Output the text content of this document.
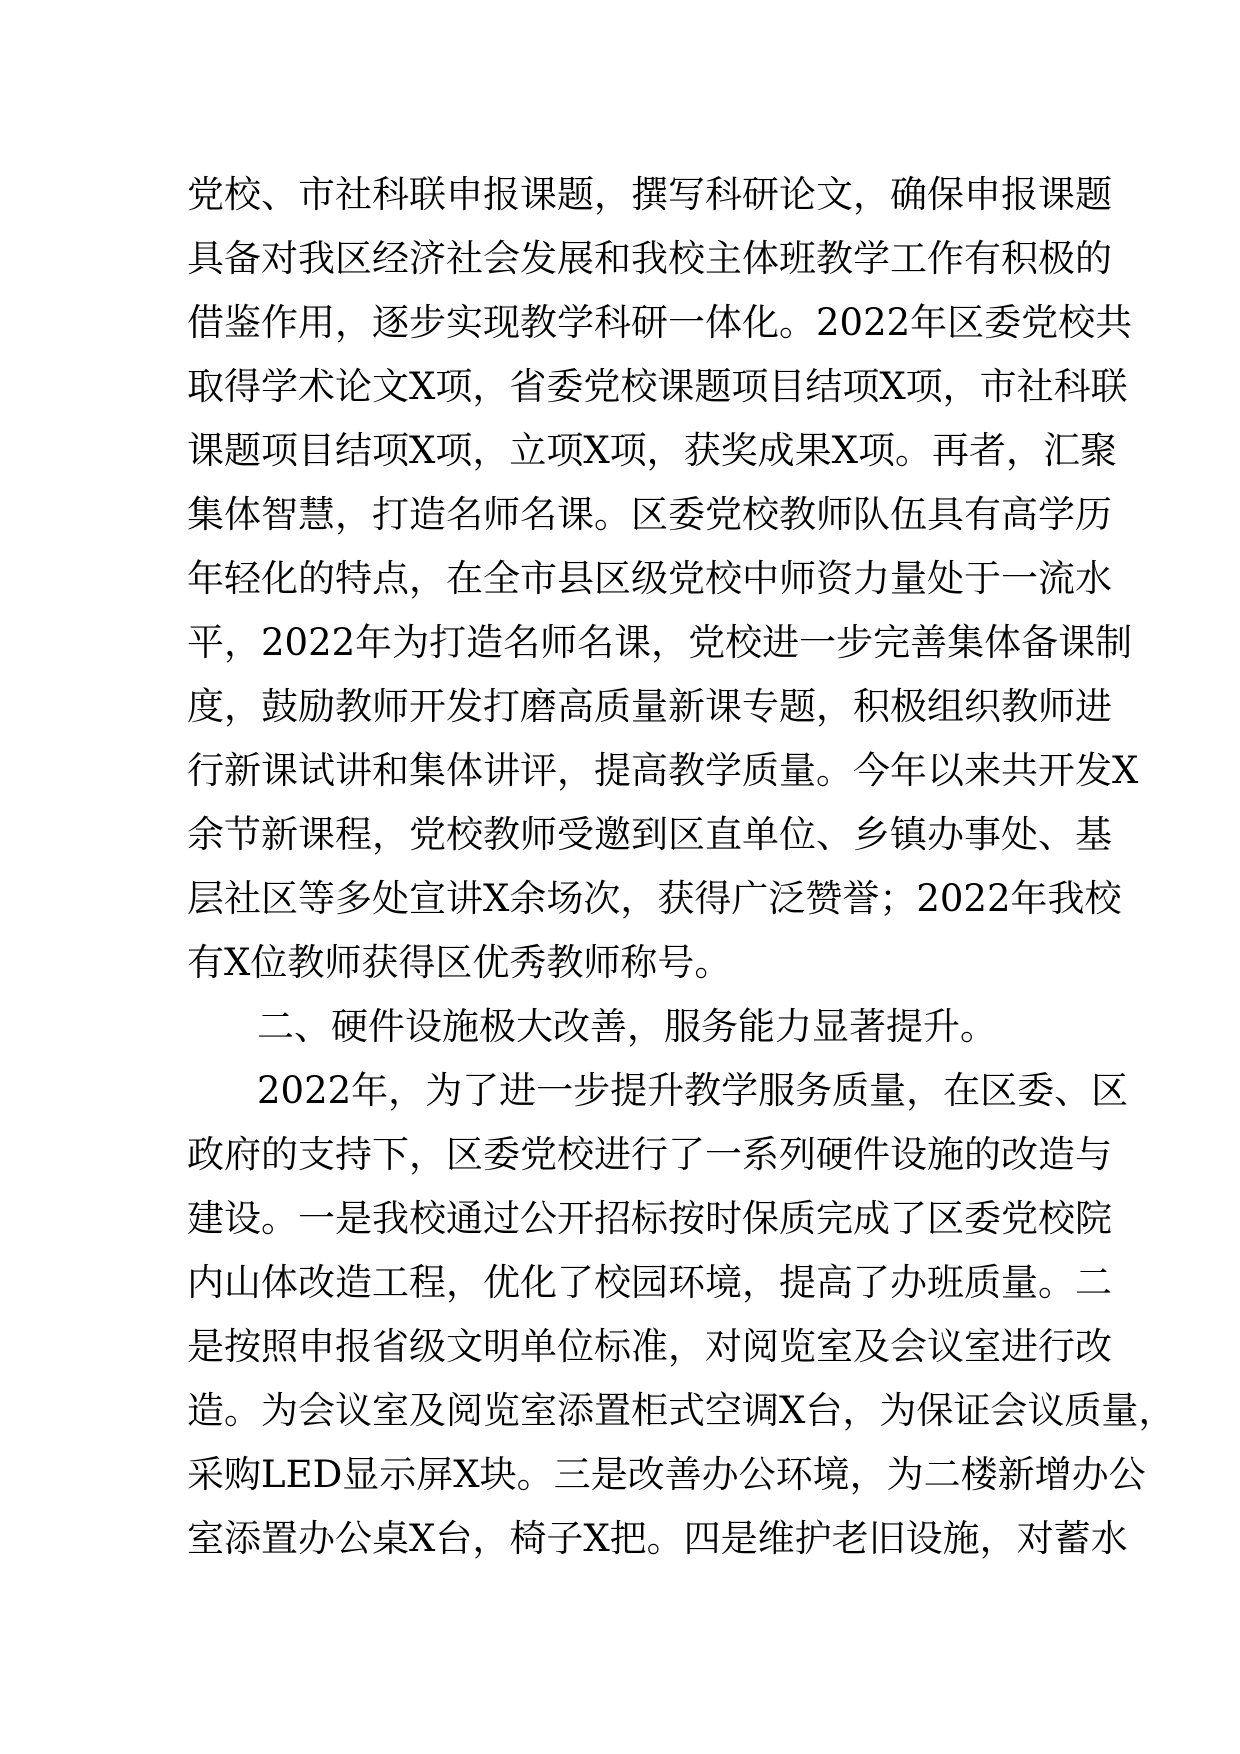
党校、市社科联申报课题，撰写科研论文，确保申报课题
具备对我区经济社会发展和我校主体班教学工作有积极的
借鉴作用，逐步实现教学科研一体化。2022年区委党校共
取得学术论文X项，省委党校课题项目结项X项，市社科联
课题项目结项X项，立项X项，获奖成果X项。再者，汇聚
集体智慧，打造名师名课。区委党校教师队伍具有高学历
年轻化的特点，在全市县区级党校中师资力量处于一流水
平，2022年为打造名师名课，党校进一步完善集体备课制
度，鼓励教师开发打磨高质量新课专题，积极组织教师进
行新课试讲和集体讲评，提高教学质量。今年以来共开发X
余节新课程，党校教师受邀到区直单位、乡镇办事处、基
层社区等多处宣讲X余场次，获得广泛赞誉；2022年我校
有X位教师获得区优秀教师称号。
二、硬件设施极大改善，服务能力显著提升。
2022年，为了进一步提升教学服务质量，在区委、区
政府的支持下，区委党校进行了一系列硬件设施的改造与
建设。一是我校通过公开招标按时保质完成了区委党校院
内山体改造工程，优化了校园环境，提高了办班质量。二
是按照申报省级文明单位标准，对阅览室及会议室进行改
造。为会议室及阅览室添置柜式空调X台，为保证会议质量，
采购LED显示屏X块。三是改善办公环境，为二楼新增办公
室添置办公桌X台，椅子X把。四是维护老旧设施，对蓄水
